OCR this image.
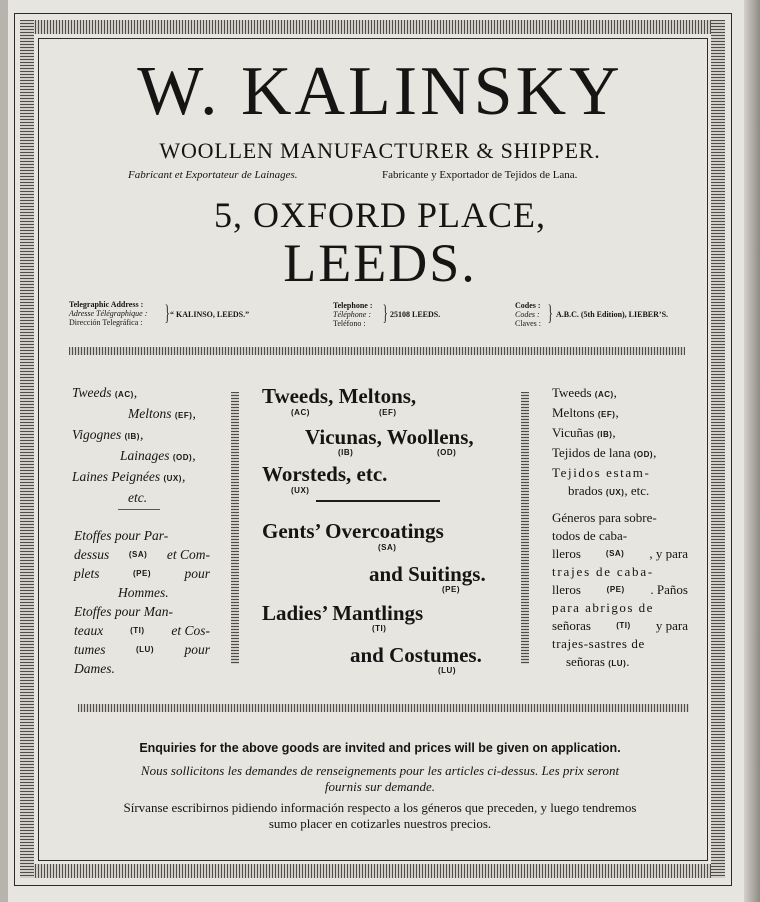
W. KALINSKY
WOOLLEN MANUFACTURER & SHIPPER.
Fabricant et Exportateur de Lainages.	Fabricante y Exportador de Tejidos de Lana.
5, OXFORD PLACE,
LEEDS.
Telegraphic Address :
Adresse Télégraphique :
Dirección Telegráfica :	} “ KALINSO, LEEDS.”
Telephone :
Téléphone :
Teléfono : } 25108 LEEDS.
Codes :
Codes :
Claves : } A.B.C. (5th Edition), LIEBER’S.
Tweeds (AC),
Meltons (EF),
Vigognes (IB),
Lainages (OD),
Laines Peignées (UX),
etc.
Etoffes pour Par-
dessus (SA) et Com-
plets	(PE) pour
Hommes.
Etoffes pour Man-
teaux	(TI) et Cos-
tumes	(LU) pour
Dames.
Tweeds, Meltons,
(AC)	(EF)
Vicunas, Woollens,
(IB)	(OD)
Worsteds, etc.
(UX)
Gents’ Overcoatings
(SA)
and Suitings.
(PE)
Ladies’ Mantlings
(TI)
and Costumes.
(LU)
Tweeds (AC),
Meltons (EF),
Vicuñas (IB),
Tejidos de lana (OD),
Tejidos estam-
brados (UX), etc.
Géneros para sobre-
todos de caba-
lleros	(SA) , y para
trajes de caba-
lleros	(PE) . Paños
para abrigos de
señoras	(TI) y para
trajes-sastres de
señoras (LU).
Enquiries for the above goods are invited and prices will be given on application.
Nous sollicitons les demandes de renseignements pour les articles ci-dessus. Les prix seront
fournis sur demande.
Sírvanse escribirnos pidiendo información respecto a los géneros que preceden, y luego tendremos
sumo placer en cotizarles nuestros precios.
